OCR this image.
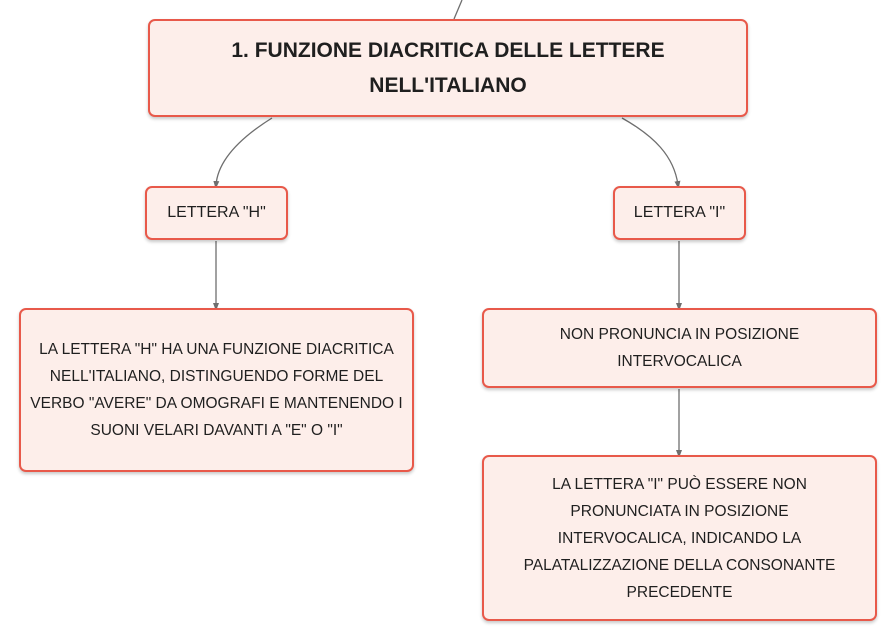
1. FUNZIONE DIACRITICA DELLE LETTERE NELL'ITALIANO
LETTERA "H"	LETTERA "I"
LA LETTERA "H" HA UNA FUNZIONE DIACRITICA NELL'ITALIANO, DISTINGUENDO FORME DEL VERBO "AVERE" DA OMOGRAFI E MANTENENDO I SUONI VELARI DAVANTI A "E" O "I"
NON PRONUNCIA IN POSIZIONE INTERVOCALICA
LA LETTERA "I" PUÒ ESSERE NON PRONUNCIATA IN POSIZIONE INTERVOCALICA, INDICANDO LA PALATALIZZAZIONE DELLA CONSONANTE PRECEDENTE
